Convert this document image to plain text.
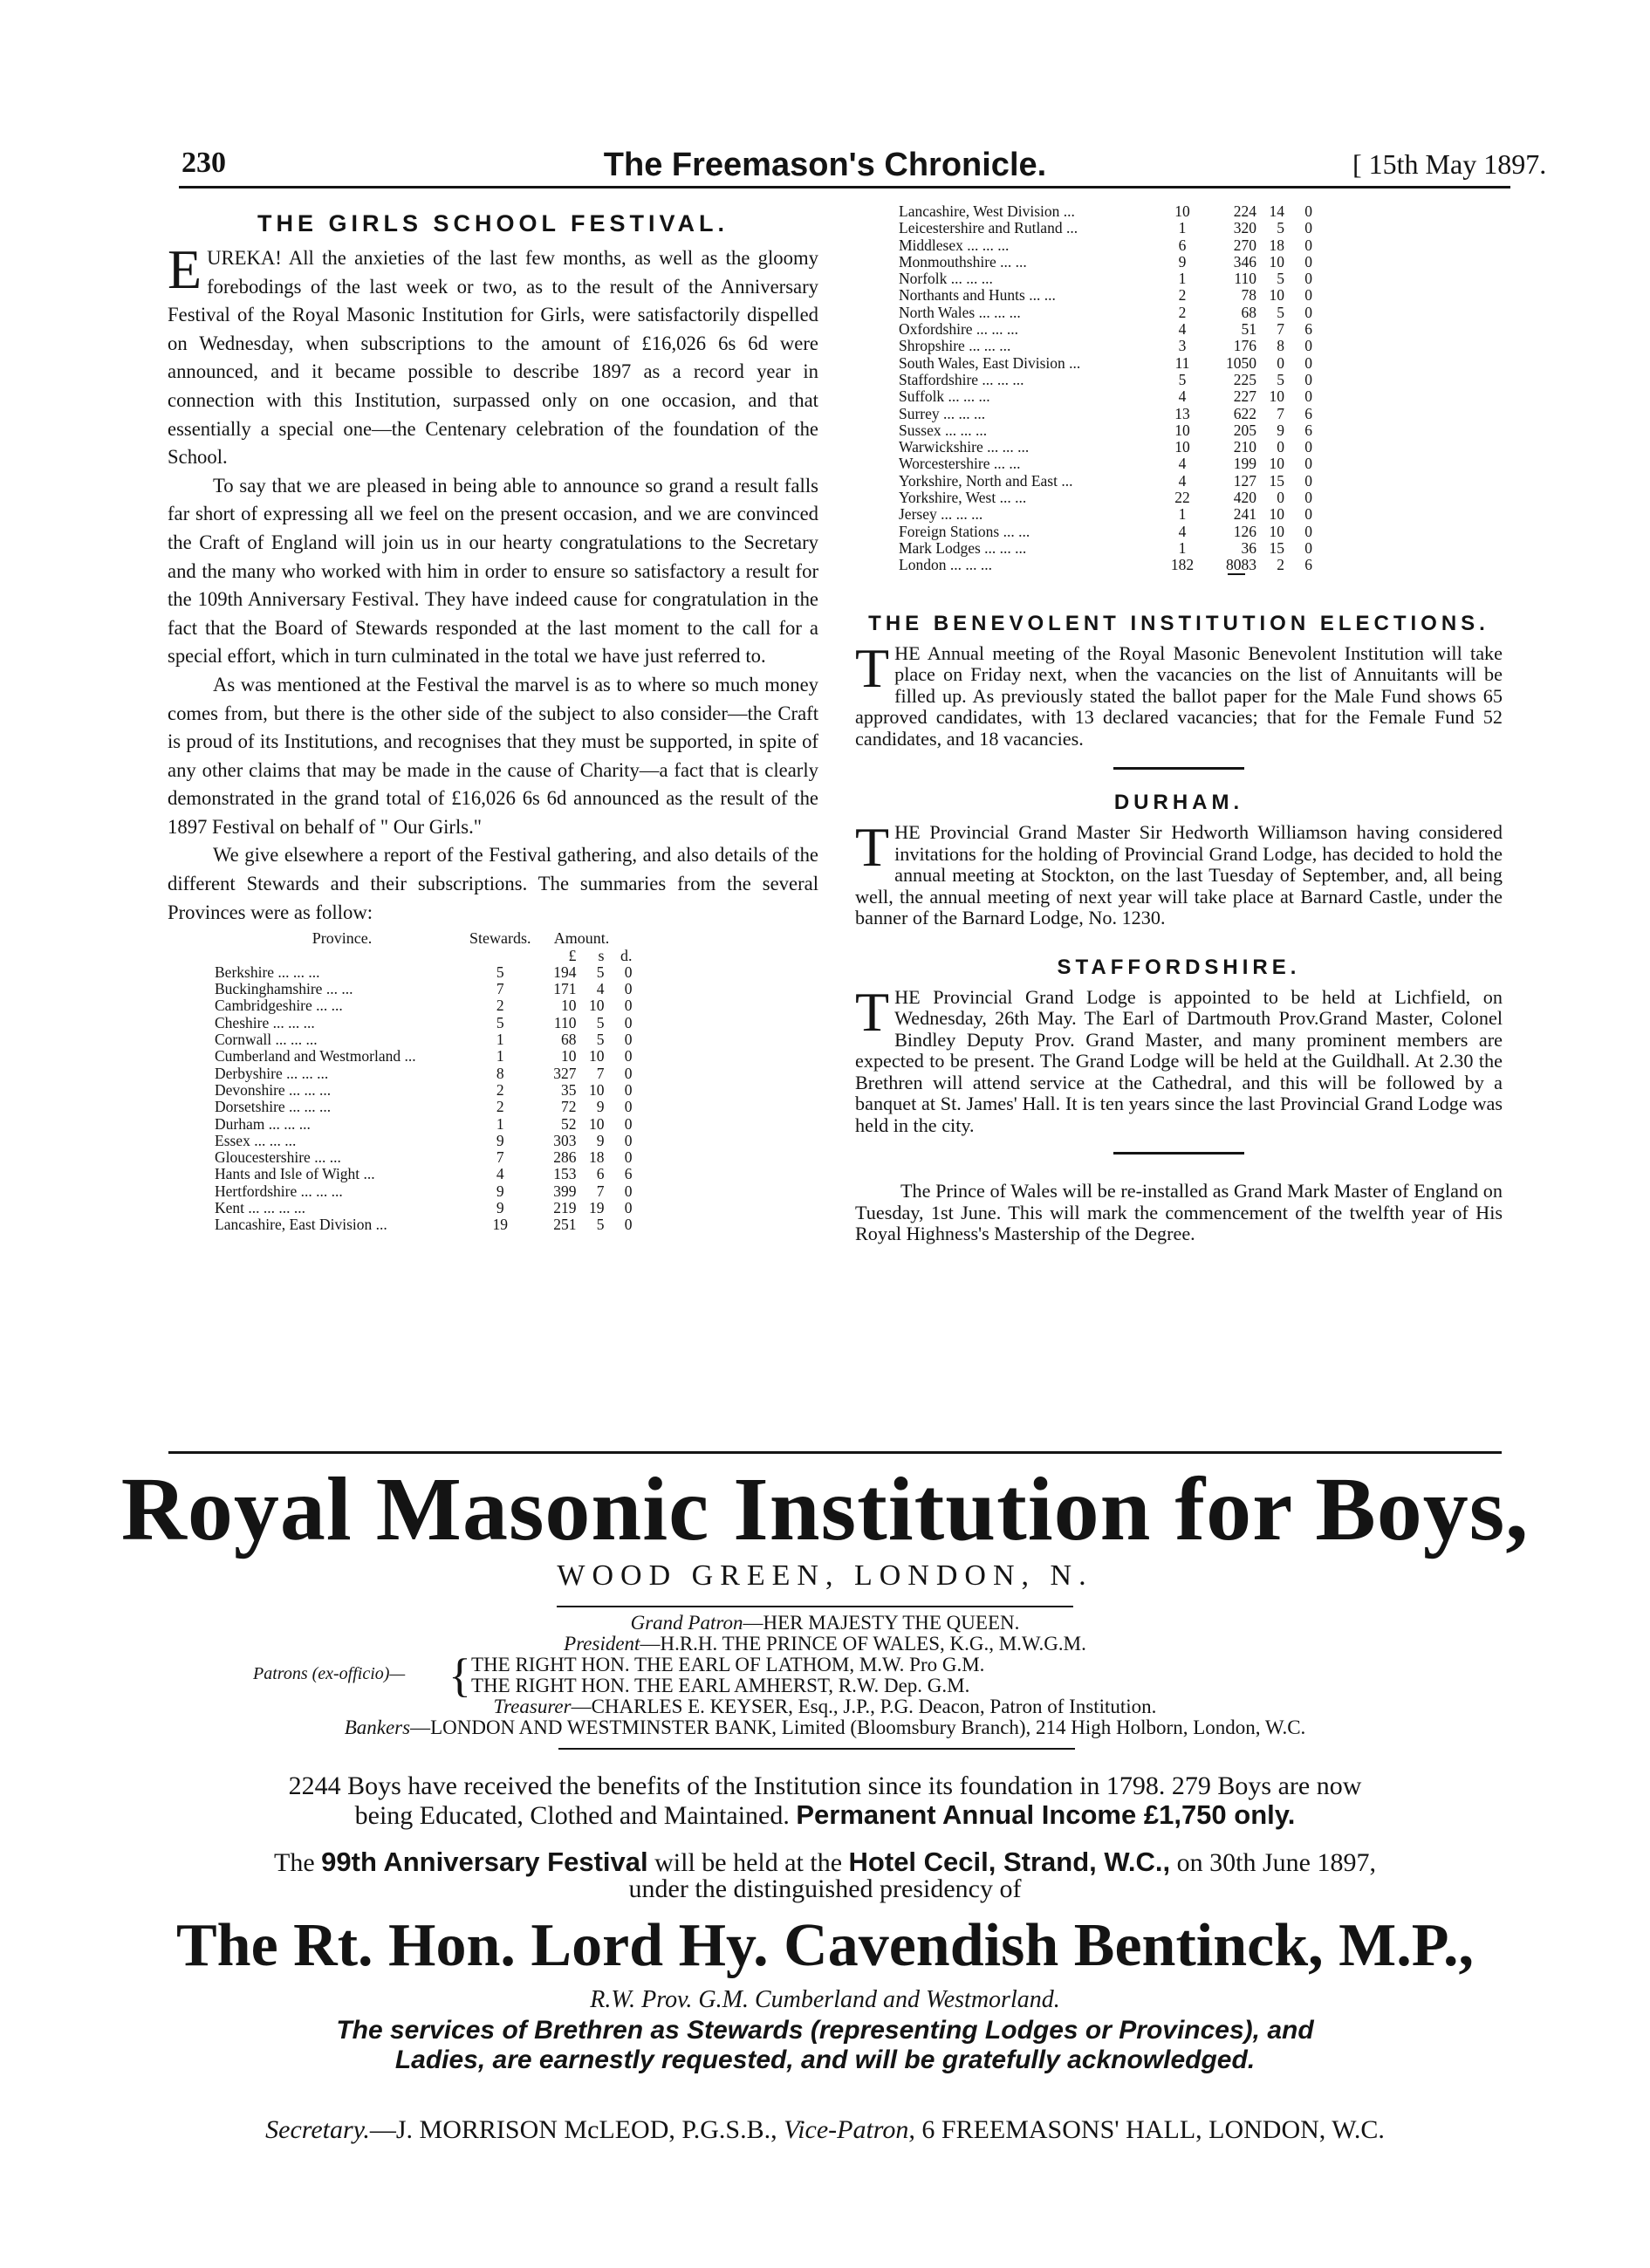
230	The Freemason's Chronicle.	[ 15th May 1897.
THE GIRLS SCHOOL FESTIVAL.

EUREKA! All the anxieties of the last few months, as well as the gloomy forebodings of the last week or two, as to the result of the Anniversary Festival of the Royal Masonic Institution for Girls, were satisfactorily dispelled on Wednesday, when subscriptions to the amount of £16,026 6s 6d were announced, and it became possible to describe 1897 as a record year in connection with this Institution, surpassed only on one occasion, and that essentially a special one—the Centenary celebration of the foundation of the School.

To say that we are pleased in being able to announce so grand a result falls far short of expressing all we feel on the present occasion, and we are convinced the Craft of England will join us in our hearty congratulations to the Secretary and the many who worked with him in order to ensure so satisfactory a result for the 109th Anniversary Festival. They have indeed cause for congratulation in the fact that the Board of Stewards responded at the last moment to the call for a special effort, which in turn culminated in the total we have just referred to.

As was mentioned at the Festival the marvel is as to where so much money comes from, but there is the other side of the subject to also consider—the Craft is proud of its Institutions, and recognises that they must be supported, in spite of any other claims that may be made in the cause of Charity—a fact that is clearly demonstrated in the grand total of £16,026 6s 6d announced as the result of the 1897 Festival on behalf of " Our Girls."

We give elsewhere a report of the Festival gathering, and also details of the different Stewards and their subscriptions. The summaries from the several Provinces were as follow:

Province.	Stewards.	Amount.		
		£	s	d.
Berkshire ... ... ...	5	194	5	0
Buckinghamshire ... ...	7	171	4	0
Cambridgeshire ... ...	2	10	10	0
Cheshire ... ... ...	5	110	5	0
Cornwall ... ... ...	1	68	5	0
Cumberland and Westmorland ...	1	10	10	0
Derbyshire ... ... ...	8	327	7	0
Devonshire ... ... ...	2	35	10	0
Dorsetshire ... ... ...	2	72	9	0
Durham ... ... ...	1	52	10	0
Essex ... ... ...	9	303	9	0
Gloucestershire ... ...	7	286	18	0
Hants and Isle of Wight ...	4	153	6	6
Hertfordshire ... ... ...	9	399	7	0
Kent ... ... ... ...	9	219	19	0
Lancashire, East Division ...	19	251	5	0
Lancashire, West Division ...	10	224	14	0
Leicestershire and Rutland ...	1	320	5	0
Middlesex ... ... ...	6	270	18	0
Monmouthshire ... ...	9	346	10	0
Norfolk ... ... ...	1	110	5	0
Northants and Hunts ... ...	2	78	10	0
North Wales ... ... ...	2	68	5	0
Oxfordshire ... ... ...	4	51	7	6
Shropshire ... ... ...	3	176	8	0
South Wales, East Division ...	11	1050	0	0
Staffordshire ... ... ...	5	225	5	0
Suffolk ... ... ...	4	227	10	0
Surrey ... ... ...	13	622	7	6
Sussex ... ... ...	10	205	9	6
Warwickshire ... ... ...	10	210	0	0
Worcestershire ... ...	4	199	10	0
Yorkshire, North and East ...	4	127	15	0
Yorkshire, West ... ...	22	420	0	0
Jersey ... ... ...	1	241	10	0
Foreign Stations ... ...	4	126	10	0
Mark Lodges ... ... ...	1	36	15	0
London ... ... ...	182	8083	2	6
THE BENEVOLENT INSTITUTION ELECTIONS.

THE Annual meeting of the Royal Masonic Benevolent Institution will take place on Friday next, when the vacancies on the list of Annuitants will be filled up. As previously stated the ballot paper for the Male Fund shows 65 approved candidates, with 13 declared vacancies; that for the Female Fund 52 candidates, and 18 vacancies.

DURHAM.

THE Provincial Grand Master Sir Hedworth Williamson having considered invitations for the holding of Provincial Grand Lodge, has decided to hold the annual meeting at Stockton, on the last Tuesday of September, and, all being well, the annual meeting of next year will take place at Barnard Castle, under the banner of the Barnard Lodge, No. 1230.

STAFFORDSHIRE.

THE Provincial Grand Lodge is appointed to be held at Lichfield, on Wednesday, 26th May. The Earl of Dartmouth Prov.Grand Master, Colonel Bindley Deputy Prov. Grand Master, and many prominent members are expected to be present. The Grand Lodge will be held at the Guildhall. At 2.30 the Brethren will attend service at the Cathedral, and this will be followed by a banquet at St. James' Hall. It is ten years since the last Provincial Grand Lodge was held in the city.

The Prince of Wales will be re-installed as Grand Mark Master of England on Tuesday, 1st June. This will mark the commencement of the twelfth year of His Royal Highness's Mastership of the Degree.

Royal Masonic Institution for Boys,
WOOD GREEN, LONDON, N.
Grand Patron—HER MAJESTY THE QUEEN.
President—H.R.H. THE PRINCE OF WALES, K.G., M.W.G.M.
Patrons (ex-officio)— { THE RIGHT HON. THE EARL OF LATHOM, M.W. Pro G.M.
THE RIGHT HON. THE EARL AMHERST, R.W. Dep. G.M.
Treasurer—CHARLES E. KEYSER, Esq., J.P., P.G. Deacon, Patron of Institution.
Bankers—LONDON AND WESTMINSTER BANK, Limited (Bloomsbury Branch), 214 High Holborn, London, W.C.
2244 Boys have received the benefits of the Institution since its foundation in 1798. 279 Boys are now
being Educated, Clothed and Maintained. Permanent Annual Income £1,750 only.
The 99th Anniversary Festival will be held at the Hotel Cecil, Strand, W.C., on 30th June 1897,
under the distinguished presidency of
The Rt. Hon. Lord Hy. Cavendish Bentinck, M.P.,
R.W. Prov. G.M. Cumberland and Westmorland.
The services of Brethren as Stewards (representing Lodges or Provinces), and
Ladies, are earnestly requested, and will be gratefully acknowledged.
Secretary.—J. MORRISON McLEOD, P.G.S.B., Vice-Patron, 6 FREEMASONS' HALL, LONDON, W.C.
